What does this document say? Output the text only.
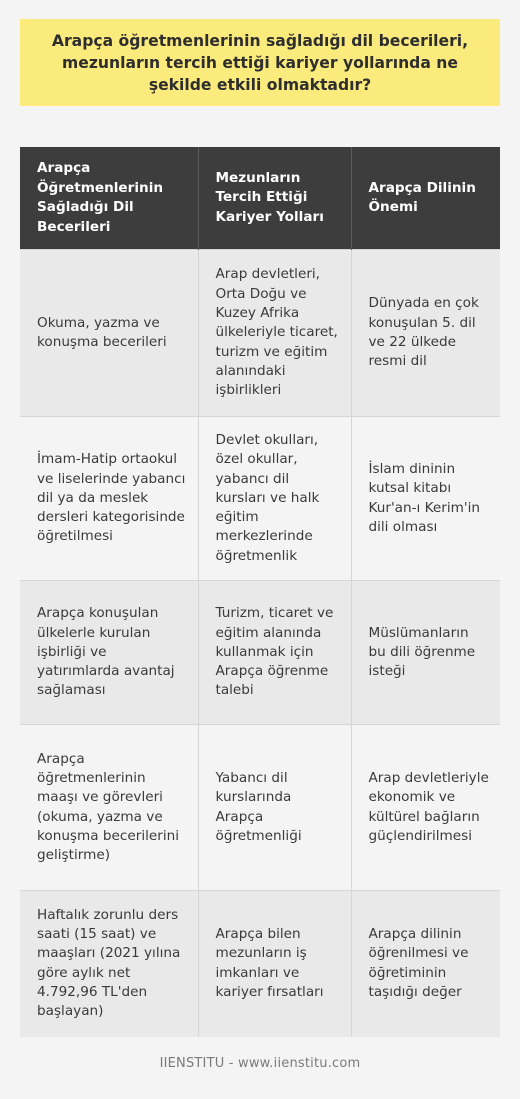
Arapça öğretmenlerinin sağladığı dil becerileri, mezunların tercih ettiği kariyer yollarında ne şekilde etkili olmaktadır?
Arapça Öğretmenlerinin Sağladığı Dil Becerileri	Mezunların Tercih Ettiği Kariyer Yolları	Arapça Dilinin Önemi
Okuma, yazma ve konuşma becerileri	Arap devletleri, Orta Doğu ve Kuzey Afrika ülkeleriyle ticaret, turizm ve eğitim alanındaki işbirlikleri	Dünyada en çok konuşulan 5. dil ve 22 ülkede resmi dil
İmam-Hatip ortaokul ve liselerinde yabancı dil ya da meslek dersleri kategorisinde öğretilmesi	Devlet okulları, özel okullar, yabancı dil kursları ve halk eğitim merkezlerinde öğretmenlik	İslam dininin kutsal kitabı Kur'an-ı Kerim'in dili olması
Arapça konuşulan ülkelerle kurulan işbirliği ve yatırımlarda avantaj sağlaması	Turizm, ticaret ve eğitim alanında kullanmak için Arapça öğrenme talebi	Müslümanların bu dili öğrenme isteği
Arapça öğretmenlerinin maaşı ve görevleri (okuma, yazma ve konuşma becerilerini geliştirme)	Yabancı dil kurslarında Arapça öğretmenliği	Arap devletleriyle ekonomik ve kültürel bağların güçlendirilmesi
Haftalık zorunlu ders saati (15 saat) ve maaşları (2021 yılına göre aylık net 4.792,96 TL'den başlayan)	Arapça bilen mezunların iş imkanları ve kariyer fırsatları	Arapça dilinin öğrenilmesi ve öğretiminin taşıdığı değer
IIENSTITU - www.iienstitu.com
